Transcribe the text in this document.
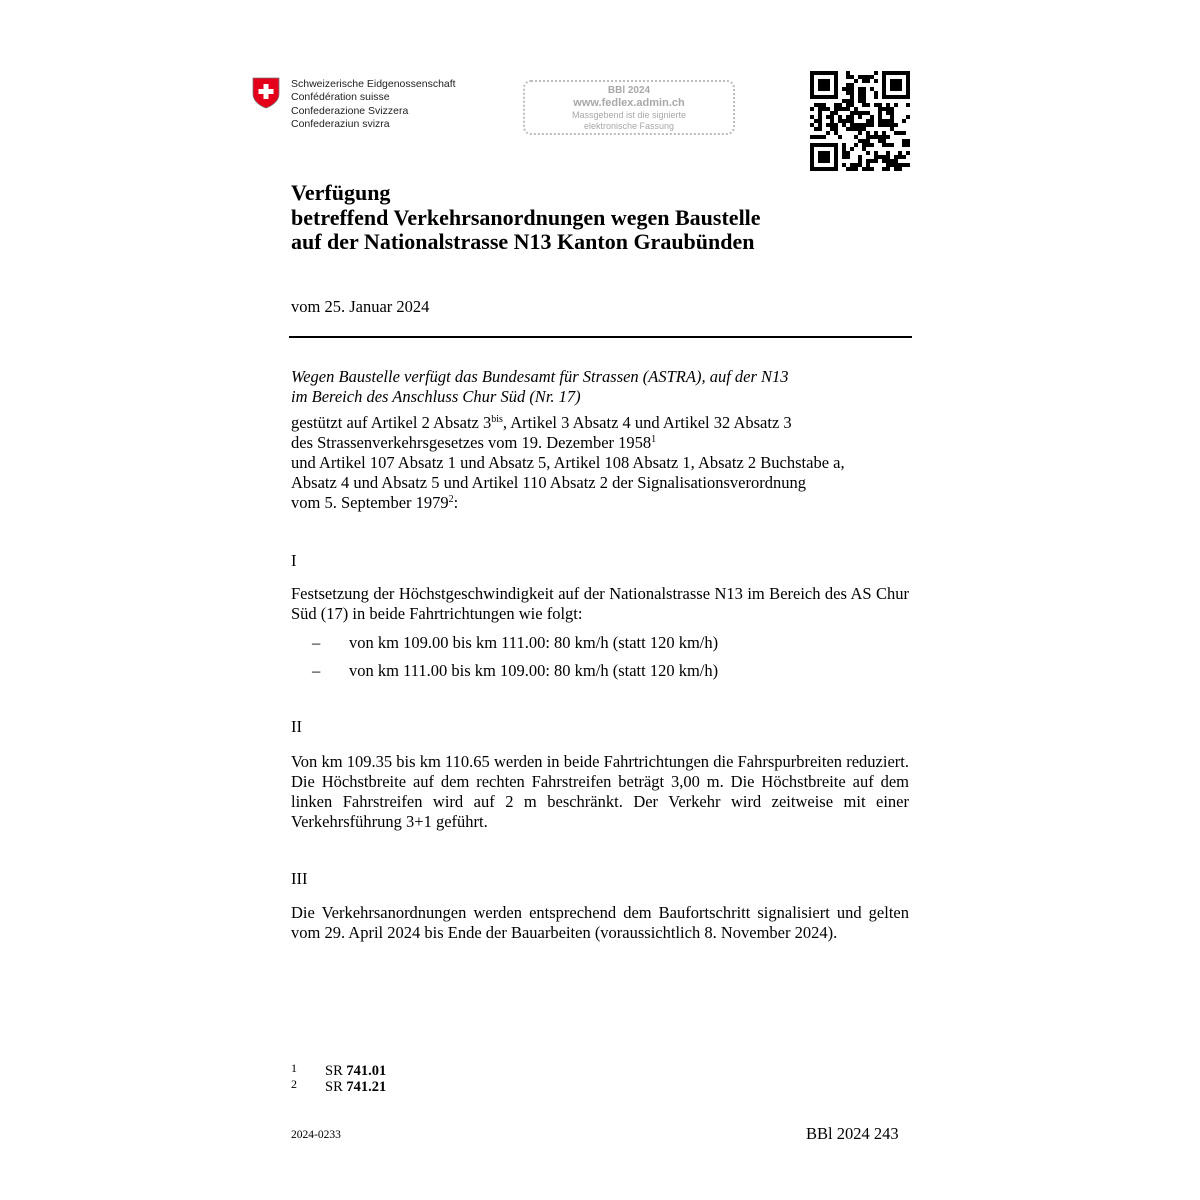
Schweizerische Eidgenossenschaft
Confédération suisse
Confederazione Svizzera
Confederaziun svizra
BBl 2024
www.fedlex.admin.ch
Massgebend ist die signierte
elektronische Fassung
Verfügung
betreffend Verkehrsanordnungen wegen Baustelle
auf der Nationalstrasse N13 Kanton Graubünden
vom 25. Januar 2024
Wegen Baustelle verfügt das Bundesamt für Strassen (ASTRA), auf der N13
im Bereich des Anschluss Chur Süd (Nr. 17)
gestützt auf Artikel 2 Absatz $3^{bis}$, Artikel 3 Absatz 4 und Artikel 32 Absatz 3
des Strassenverkehrsgesetzes vom 19. Dezember 1958$^1$
und Artikel 107 Absatz 1 und Absatz 5, Artikel 108 Absatz 1, Absatz 2 Buchstabe a,
Absatz 4 und Absatz 5 und Artikel 110 Absatz 2 der Signalisationsverordnung
vom 5. September 1979$^2$:
I
Festsetzung der Höchstgeschwindigkeit auf der Nationalstrasse N13 im Bereich des AS Chur Süd (17) in beide Fahrtrichtungen wie folgt:
– von km 109.00 bis km 111.00: 80 km/h (statt 120 km/h)
– von km 111.00 bis km 109.00: 80 km/h (statt 120 km/h)
II
Von km 109.35 bis km 110.65 werden in beide Fahrtrichtungen die Fahrspurbreiten reduziert. Die Höchstbreite auf dem rechten Fahrstreifen beträgt 3,00 m. Die Höchstbreite auf dem linken Fahrstreifen wird auf 2 m beschränkt. Der Verkehr wird zeitweise mit einer Verkehrsführung 3+1 geführt.
III
Die Verkehrsanordnungen werden entsprechend dem Baufortschritt signalisiert und gelten vom 29. April 2024 bis Ende der Bauarbeiten (voraussichtlich 8. November 2024).
1 SR 741.01
2 SR 741.21
2024-0233	BBl 2024 243
